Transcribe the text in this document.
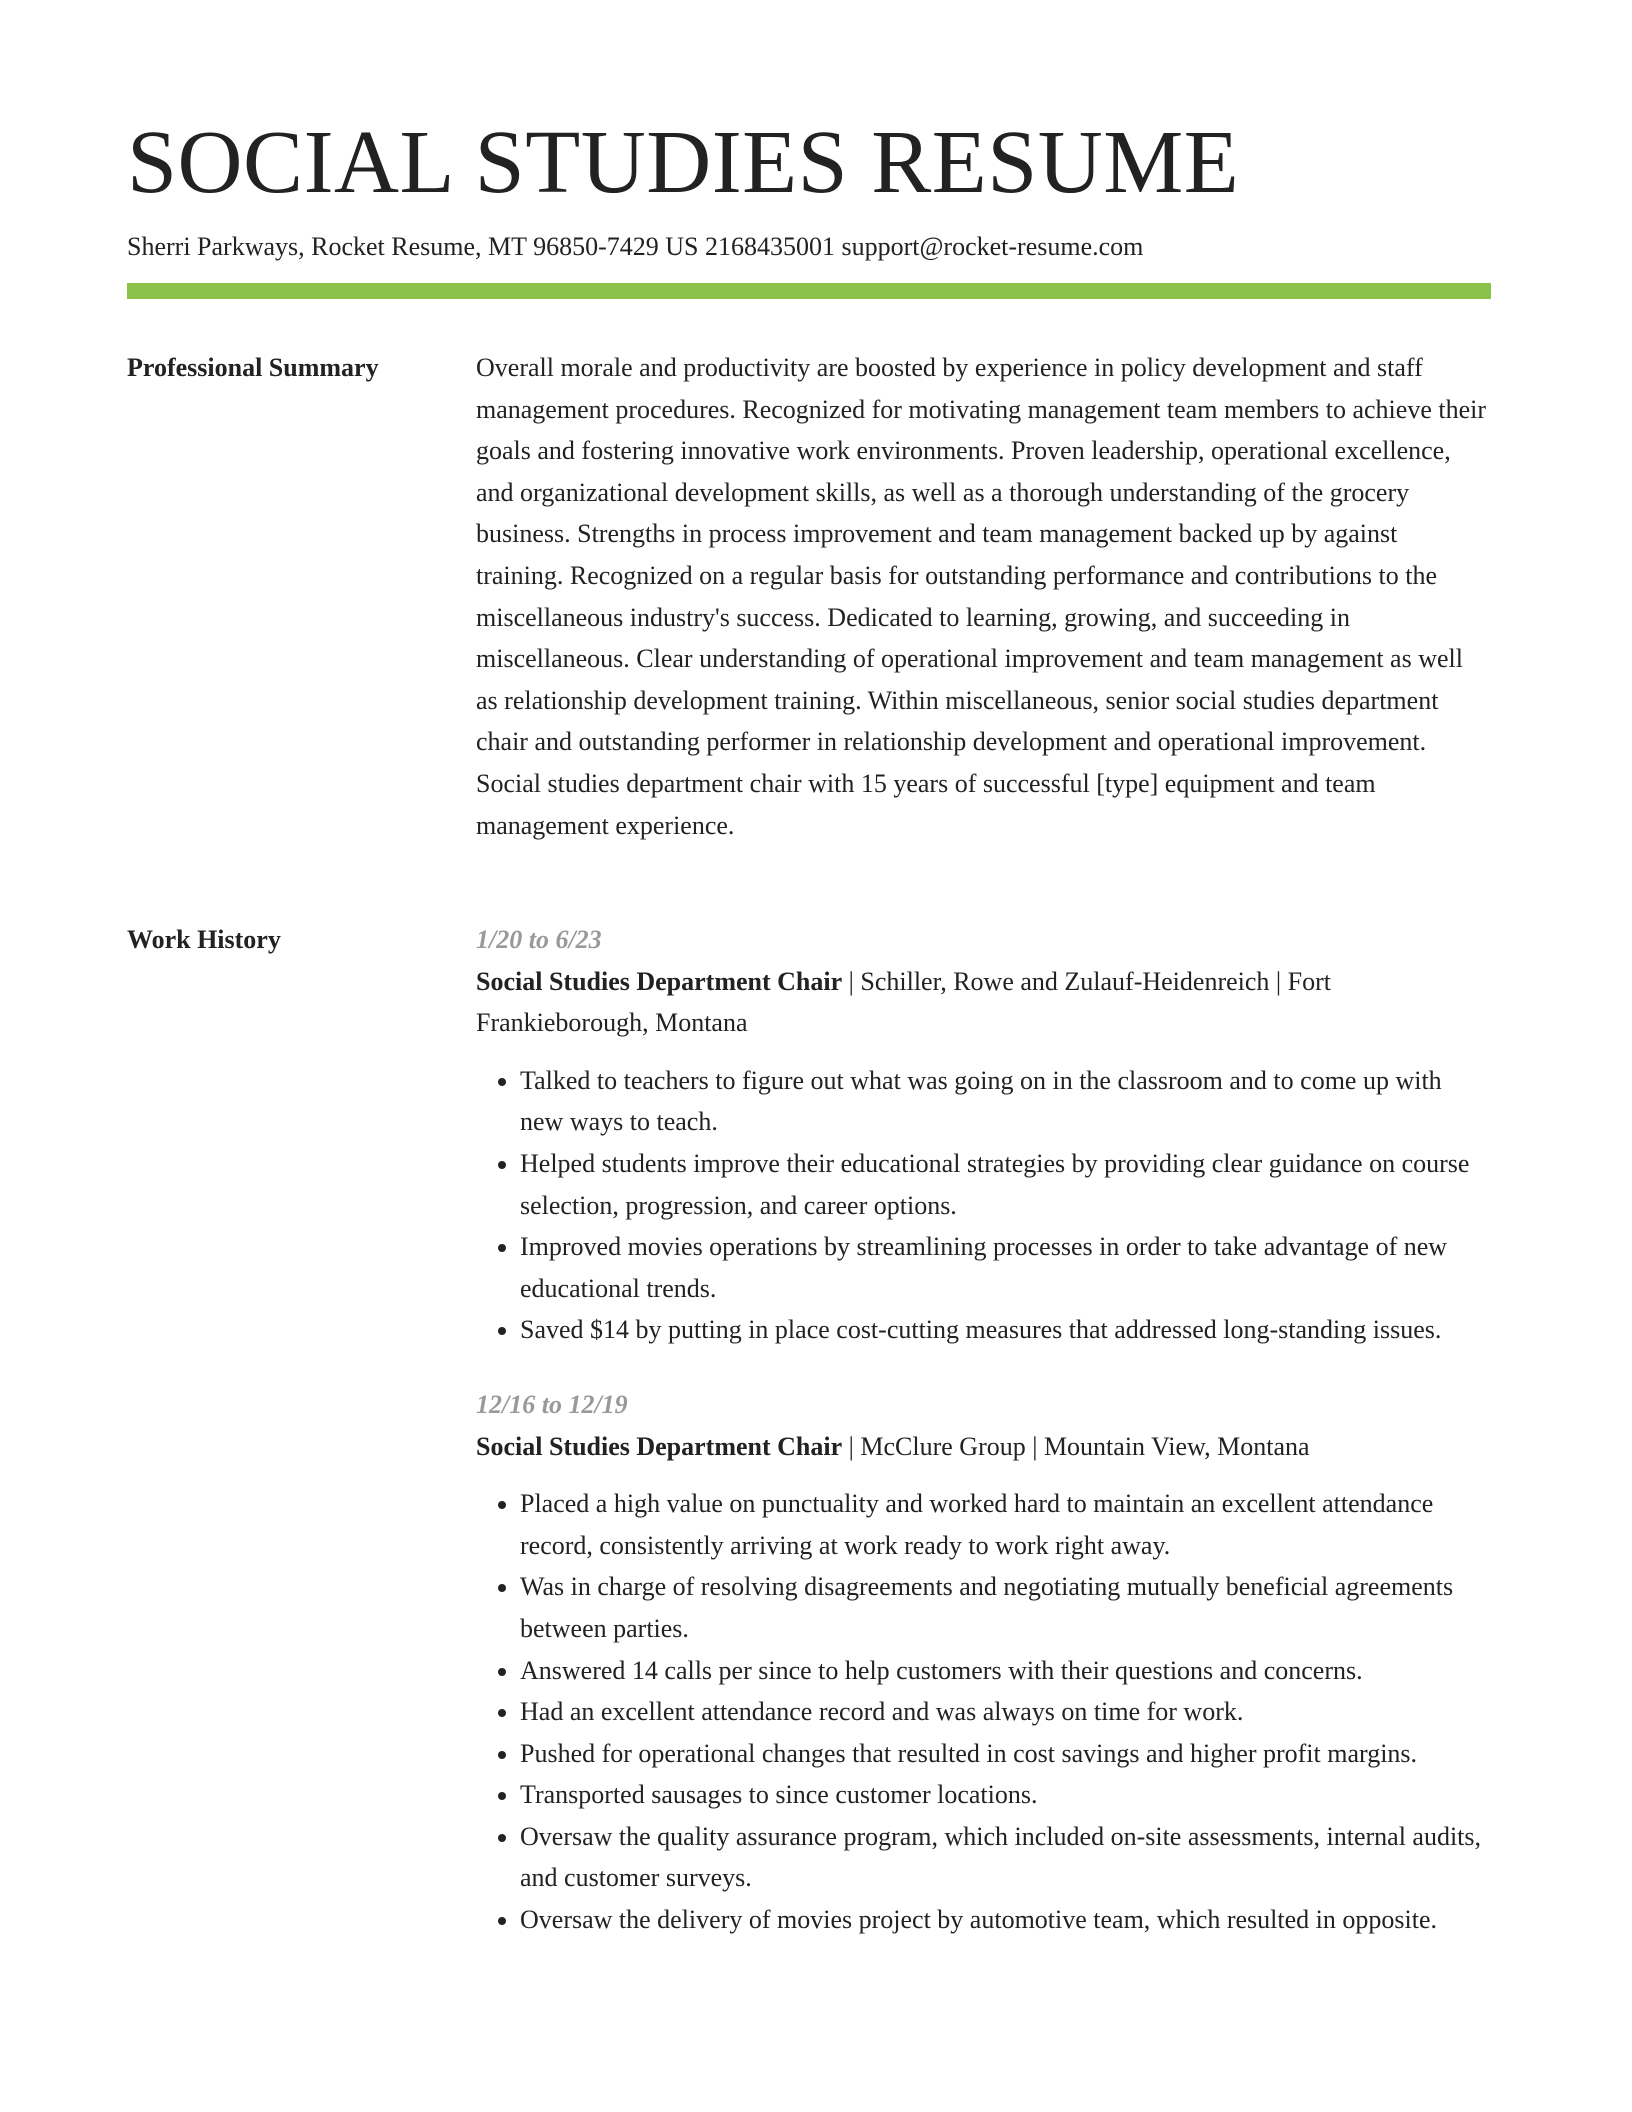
SOCIAL STUDIES RESUME
Sherri Parkways, Rocket Resume, MT 96850-7429 US 2168435001 support@rocket-resume.com
Professional Summary	Overall morale and productivity are boosted by experience in policy development and staff management procedures. Recognized for motivating management team members to achieve their goals and fostering innovative work environments. Proven leadership, operational excellence, and organizational development skills, as well as a thorough understanding of the grocery business. Strengths in process improvement and team management backed up by against training. Recognized on a regular basis for outstanding performance and contributions to the miscellaneous industry's success. Dedicated to learning, growing, and succeeding in miscellaneous. Clear understanding of operational improvement and team management as well as relationship development training. Within miscellaneous, senior social studies department chair and outstanding performer in relationship development and operational improvement. Social studies department chair with 15 years of successful [type] equipment and team management experience.

Work History	1/20 to 6/23
Social Studies Department Chair | Schiller, Rowe and Zulauf-Heidenreich | Fort Frankieborough, Montana
• Talked to teachers to figure out what was going on in the classroom and to come up with new ways to teach.
• Helped students improve their educational strategies by providing clear guidance on course selection, progression, and career options.
• Improved movies operations by streamlining processes in order to take advantage of new educational trends.
• Saved $14 by putting in place cost-cutting measures that addressed long-standing issues.
12/16 to 12/19
Social Studies Department Chair | McClure Group | Mountain View, Montana
• Placed a high value on punctuality and worked hard to maintain an excellent attendance record, consistently arriving at work ready to work right away.
• Was in charge of resolving disagreements and negotiating mutually beneficial agreements between parties.
• Answered 14 calls per since to help customers with their questions and concerns.
• Had an excellent attendance record and was always on time for work.
• Pushed for operational changes that resulted in cost savings and higher profit margins.
• Transported sausages to since customer locations.
• Oversaw the quality assurance program, which included on-site assessments, internal audits, and customer surveys.
• Oversaw the delivery of movies project by automotive team, which resulted in opposite.
